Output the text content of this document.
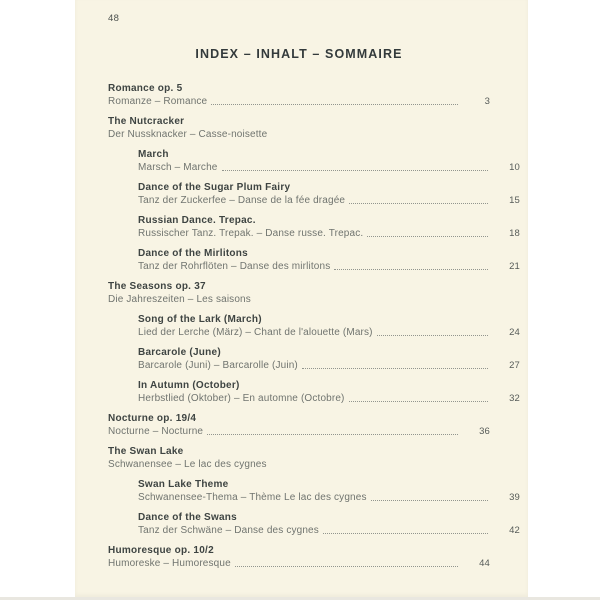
48
INDEX – INHALT – SOMMAIRE
Romance op. 5
Romanze – Romance	3
The Nutcracker
Der Nussknacker – Casse-noisette
March
Marsch – Marche	10
Dance of the Sugar Plum Fairy
Tanz der Zuckerfee – Danse de la fée dragée	15
Russian Dance. Trepac.
Russischer Tanz. Trepak. – Danse russe. Trepac.	18
Dance of the Mirlitons
Tanz der Rohrflöten – Danse des mirlitons	21
The Seasons op. 37
Die Jahreszeiten – Les saisons
Song of the Lark (March)
Lied der Lerche (März) – Chant de l'alouette (Mars)	24
Barcarole (June)
Barcarole (Juni) – Barcarolle (Juin)	27
In Autumn (October)
Herbstlied (Oktober) – En automne (Octobre)	32
Nocturne op. 19/4
Nocturne – Nocturne	36
The Swan Lake
Schwanensee – Le lac des cygnes
Swan Lake Theme
Schwanensee-Thema – Thème Le lac des cygnes	39
Dance of the Swans
Tanz der Schwäne – Danse des cygnes	42
Humoresque op. 10/2
Humoreske – Humoresque	44
